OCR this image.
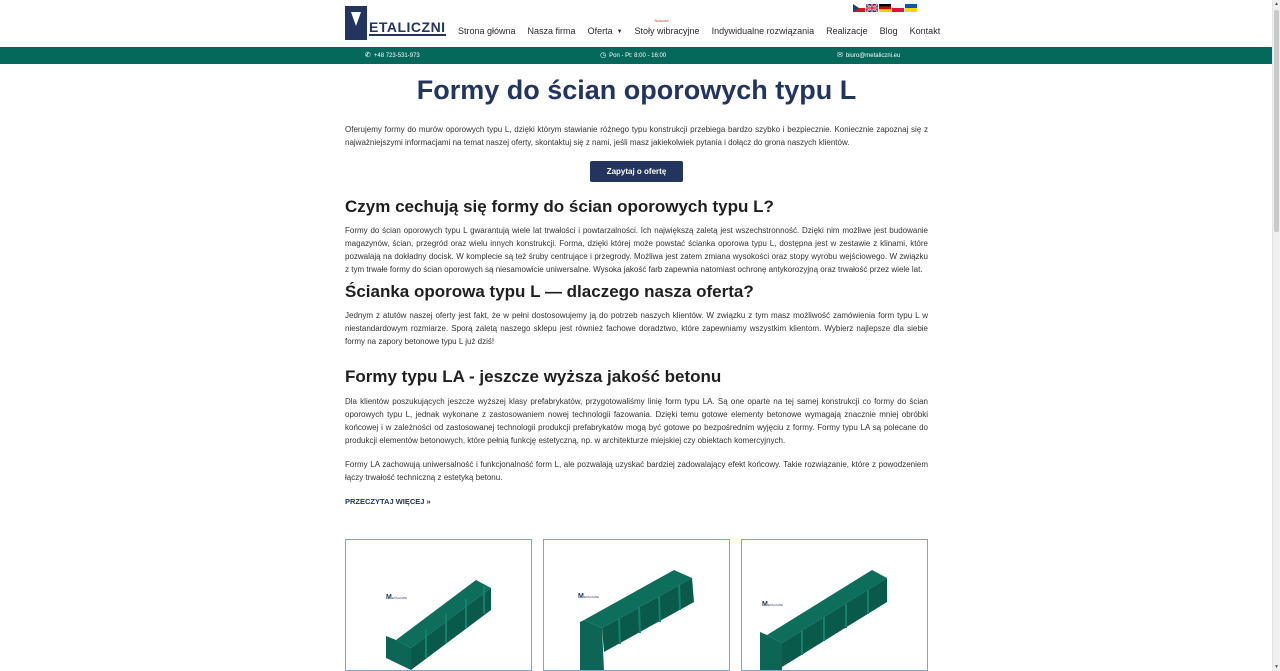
ETALICZNI Strona główna Nasza firma Oferta ▼
Nowość
Stoły wibracyjne Indywidualne rozwiązania Realizacje Blog Kontakt
✆ +48 723-531-973	◷ Pon - Pt: 8:00 - 16:00	✉ biuro@metaliczni.eu
Formy do ścian oporowych typu L

Oferujemy formy do murów oporowych typu L, dzięki którym stawianie różnego typu konstrukcji przebiega bardzo szybko i bezpiecznie. Koniecznie zapoznaj się z najważniejszymi informacjami na temat naszej oferty, skontaktuj się z nami, jeśli masz jakiekolwiek pytania i dołącz do grona naszych klientów.

Zapytaj o ofertę
Czym cechują się formy do ścian oporowych typu L?

Formy do ścian oporowych typu L gwarantują wiele lat trwałości i powtarzalności. Ich największą zaletą jest wszechstronność. Dzięki nim możliwe jest budowanie magazynów, ścian, przegród oraz wielu innych konstrukcji. Forma, dzięki której może powstać ścianka oporowa typu L, dostępna jest w zestawie z klinami, które pozwalają na dokładny docisk. W komplecie są też śruby centrujące i przegrody. Możliwa jest zatem zmiana wysokości oraz stopy wyrobu wejściowego. W związku z tym trwałe formy do ścian oporowych są niesamowicie uniwersalne. Wysoka jakość farb zapewnia natomiast ochronę antykorozyjną oraz trwałość przez wiele lat.

Ścianka oporowa typu L — dlaczego nasza oferta?

Jednym z atutów naszej oferty jest fakt, że w pełni dostosowujemy ją do potrzeb naszych klientów. W związku z tym masz możliwość zamówienia form typu L w niestandardowym rozmiarze. Sporą zaletą naszego sklepu jest również fachowe doradztwo, które zapewniamy wszystkim klientom. Wybierz najlepsze dla siebie formy na zapory betonowe typu L już dziś!

Formy typu LA - jeszcze wyższa jakość betonu

Dla klientów poszukujących jeszcze wyższej klasy prefabrykatów, przygotowaliśmy linię form typu LA. Są one oparte na tej samej konstrukcji co formy do ścian oporowych typu L, jednak wykonane z zastosowaniem nowej technologii fazowania. Dzięki temu gotowe elementy betonowe wymagają znacznie mniej obróbki końcowej i w zależności od zastosowanej technologii produkcji prefabrykatów mogą być gotowe po bezpośrednim wyjęciu z formy. Formy typu LA są polecane do produkcji elementów betonowych, które pełnią funkcję estetyczną, np. w architekturze miejskiej czy obiektach komercyjnych.

Formy LA zachowują uniwersalność i funkcjonalność form L, ale pozwalają uzyskać bardziej zadowalający efekt końcowy. Takie rozwiązanie, które z powodzeniem łączy trwałość techniczną z estetyką betonu.

PRZECZYTAJ WIĘCEJ »
M ETALICZNI	M ETALICZNI
M ETALICZNI
▲
▼
